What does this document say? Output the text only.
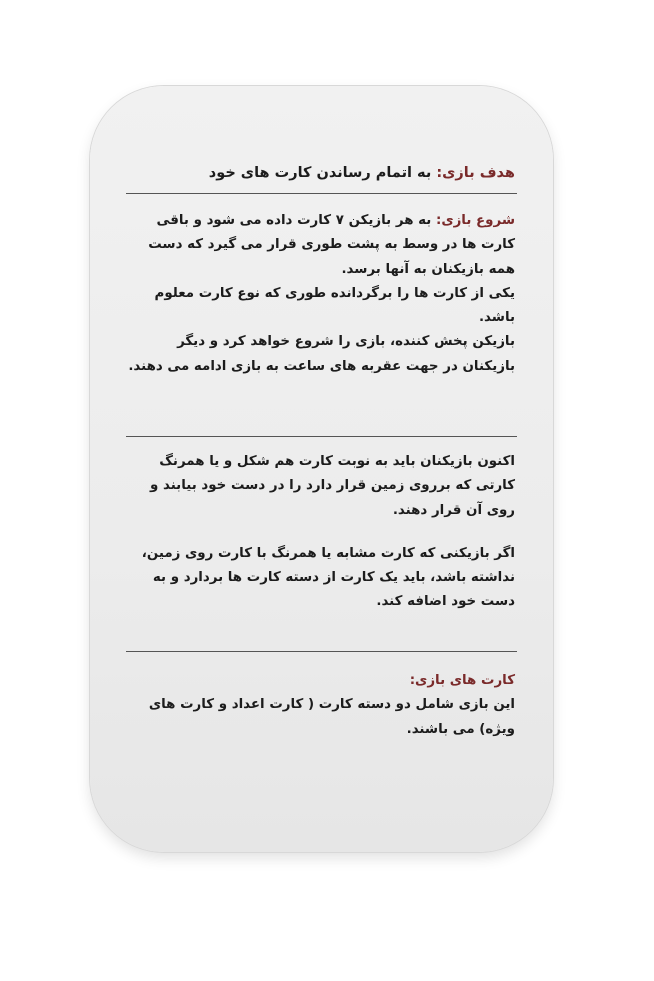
هدف بازی: به اتمام رساندن کارت های خود

شروع بازی: به هر بازیکن ۷ کارت داده می شود و باقی کارت ها در وسط به پشت طوری قرار می گیرد که دست همه بازیکنان به آنها برسد.

یکی از کارت ها را برگردانده طوری که نوع کارت معلوم باشد.

بازیکن پخش کننده، بازی را شروع خواهد کرد و دیگر بازیکنان در جهت عقربه های ساعت به بازی ادامه می دهند.

اکنون بازیکنان باید به نوبت کارت هم شکل و یا همرنگ کارتی که برروی زمین قرار دارد را در دست خود بیابند و روی آن قرار دهند.

اگر بازیکنی که کارت مشابه یا همرنگ با کارت روی زمین، نداشته باشد، باید یک کارت از دسته کارت ها بردارد و به دست خود اضافه کند.

کارت های بازی:

این بازی شامل دو دسته کارت ( کارت اعداد و کارت های ویژه) می باشند.
